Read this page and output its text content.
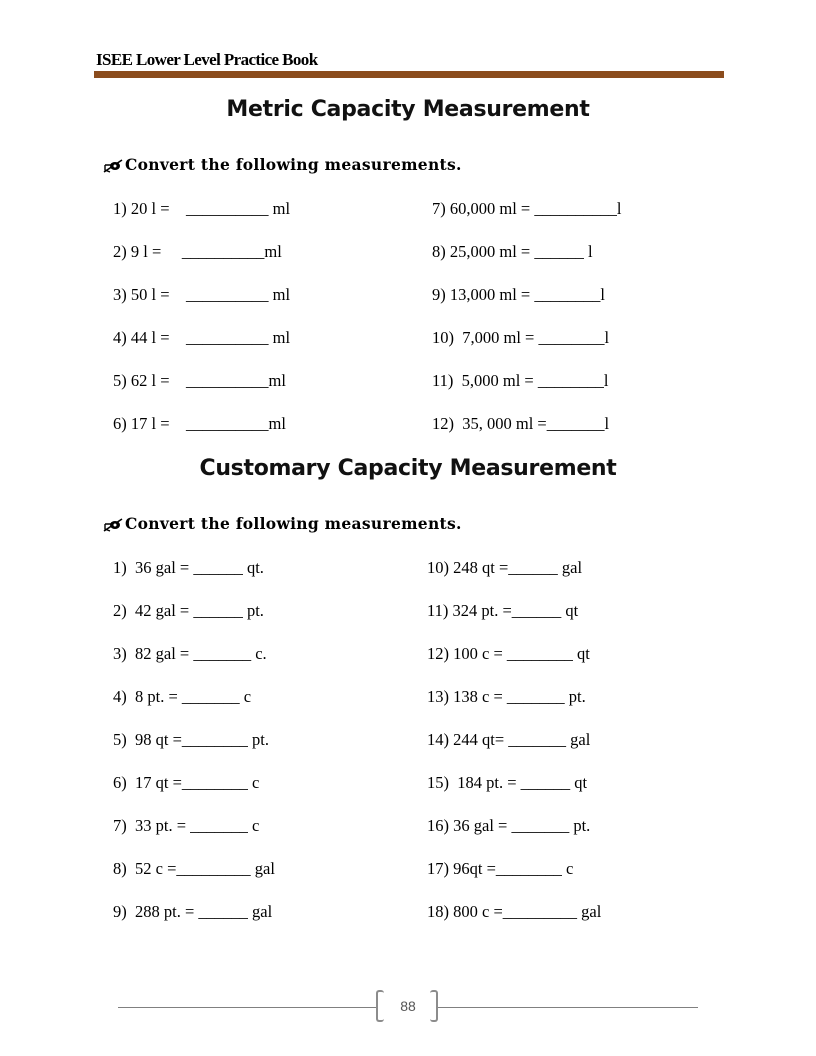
ISEE Lower Level Practice Book
Metric Capacity Measurement
Convert the following measurements.
1) 20 l =    __________ ml
2) 9 l =     __________ml
3) 50 l =    __________ ml
4) 44 l =    __________ ml
5) 62 l =    __________ml
6) 17 l =    __________ml
7) 60,000 ml = __________l
8) 25,000 ml = ______ l
9) 13,000 ml = ________l
10)  7,000 ml = ________l
11)  5,000 ml = ________l
12)  35, 000 ml =_______l
Customary Capacity Measurement
Convert the following measurements.
1)  36 gal = ______ qt.
2)  42 gal = ______ pt.
3)  82 gal = _______ c.
4)  8 pt. = _______ c
5)  98 qt =________ pt.
6)  17 qt =________ c
7)  33 pt. = _______ c
8)  52 c =_________ gal
9)  288 pt. = ______ gal
10) 248 qt =______ gal
11) 324 pt. =______ qt
12) 100 c = ________ qt
13) 138 c = _______ pt.
14) 244 qt= _______ gal
15)  184 pt. = ______ qt
16) 36 gal = _______ pt.
17) 96qt =________ c
18) 800 c =_________ gal
88
